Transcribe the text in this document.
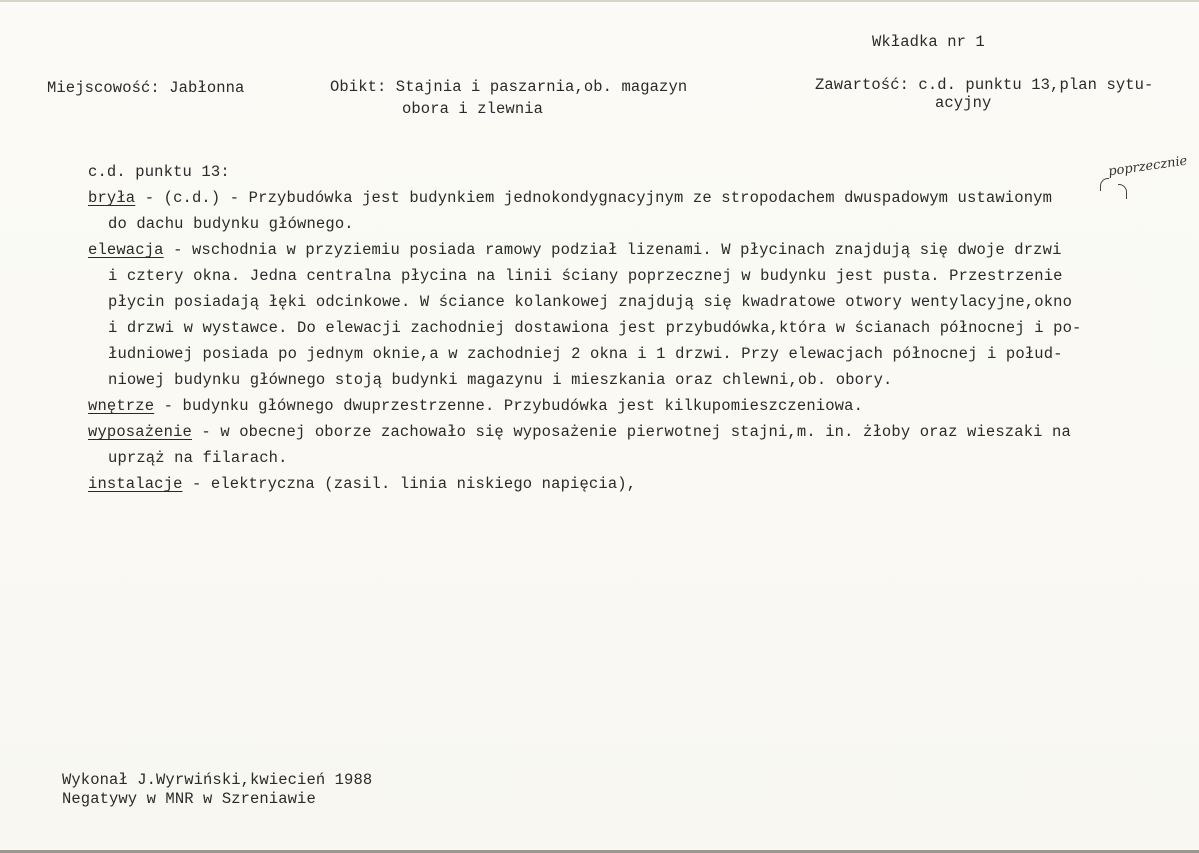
Wkładka nr 1
Miejscowość: Jabłonna	Obikt: Stajnia i paszarnia,ob. magazyn
obora i zlewnia
Zawartość: c.d. punktu 13,plan sytu-
acyjny
c.d. punktu 13:	poprzecznie
bryła - (c.d.) - Przybudówka jest budynkiem jednokondygnacyjnym ze stropodachem dwuspadowym ustawionym
do dachu budynku głównego.
elewacja - wschodnia w przyziemiu posiada ramowy podział lizenami. W płycinach znajdują się dwoje drzwi
i cztery okna. Jedna centralna płycina na linii ściany poprzecznej w budynku jest pusta. Przestrzenie
płycin posiadają łęki odcinkowe. W ściance kolankowej znajdują się kwadratowe otwory wentylacyjne,okno
i drzwi w wystawce. Do elewacji zachodniej dostawiona jest przybudówka,która w ścianach północnej i po-
łudniowej posiada po jednym oknie,a w zachodniej 2 okna i 1 drzwi. Przy elewacjach północnej i połud-
niowej budynku głównego stoją budynki magazynu i mieszkania oraz chlewni,ob. obory.
wnętrze - budynku głównego dwuprzestrzenne. Przybudówka jest kilkupomieszczeniowa.
wyposażenie - w obecnej oborze zachowało się wyposażenie pierwotnej stajni,m. in. żłoby oraz wieszaki na
uprząż na filarach.
instalacje - elektryczna (zasil. linia niskiego napięcia),
Wykonał J.Wyrwiński,kwiecień 1988
Negatywy w MNR w Szreniawie
